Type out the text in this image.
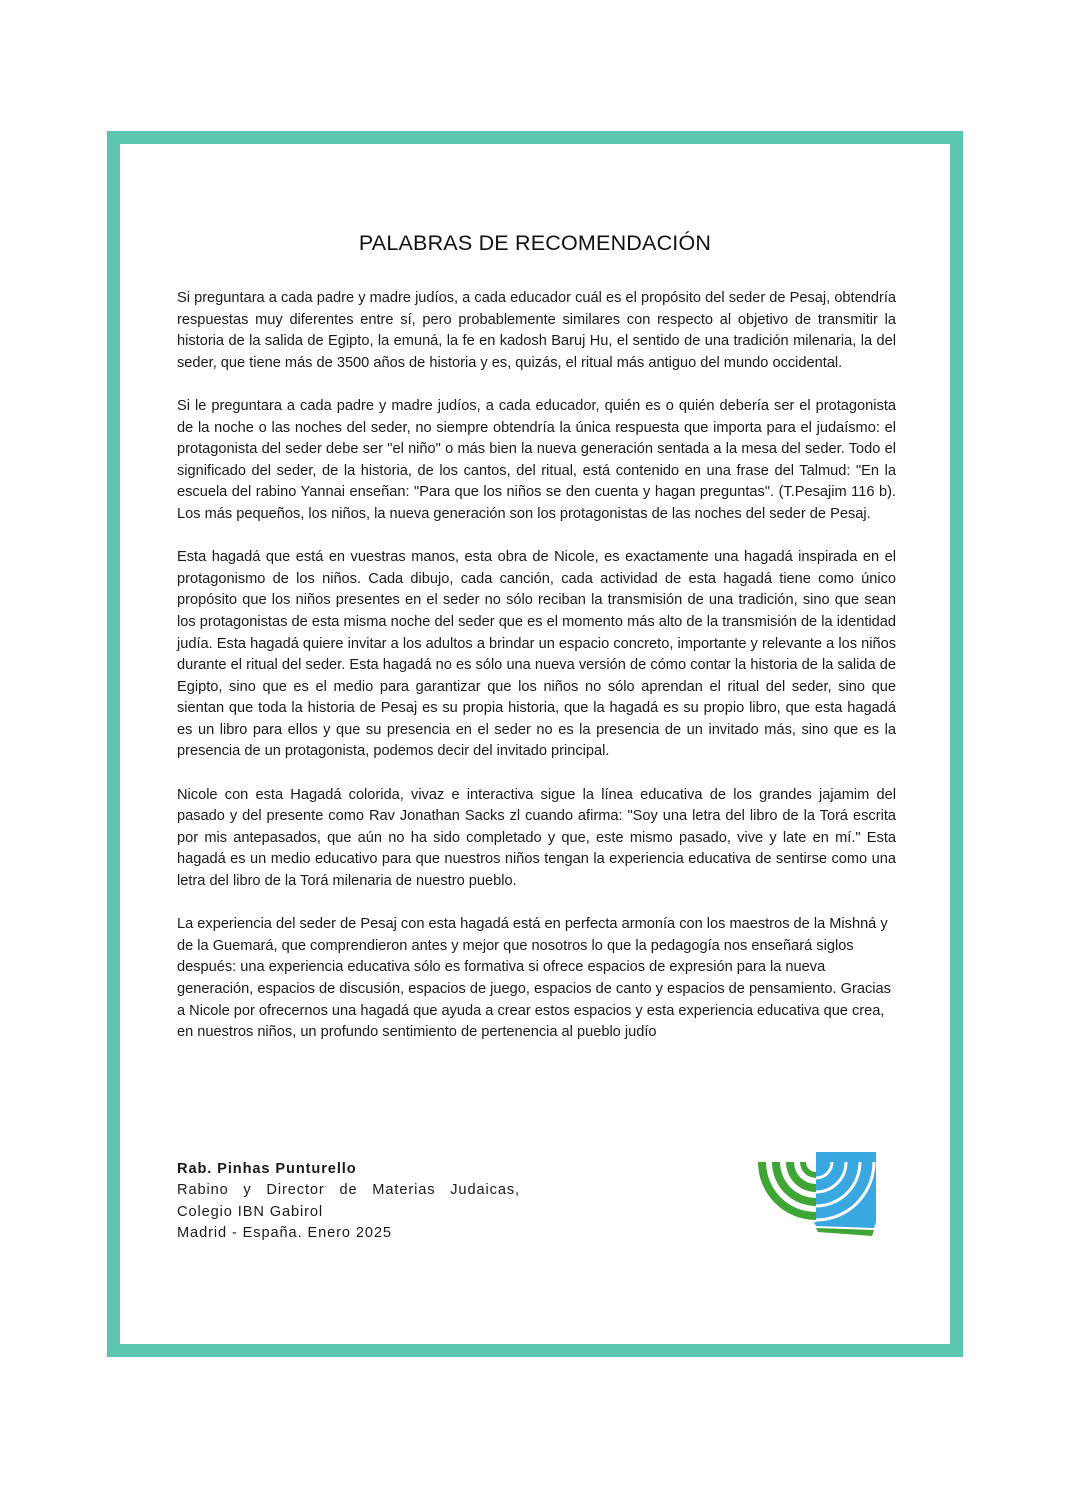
PALABRAS DE RECOMENDACIÓN

Si preguntara a cada padre y madre judíos, a cada educador cuál es el propósito del seder de Pesaj, obtendría respuestas muy diferentes entre sí, pero probablemente similares con respecto al objetivo de transmitir la historia de la salida de Egipto, la emuná, la fe en kadosh Baruj Hu, el sentido de una tradición milenaria, la del seder, que tiene más de 3500 años de historia y es, quizás, el ritual más antiguo del mundo occidental.

Si le preguntara a cada padre y madre judíos, a cada educador, quién es o quién debería ser el protagonista de la noche o las noches del seder, no siempre obtendría la única respuesta que importa para el judaísmo: el protagonista del seder debe ser "el niño" o más bien la nueva generación sentada a la mesa del seder. Todo el significado del seder, de la historia, de los cantos, del ritual, está contenido en una frase del Talmud: "En la escuela del rabino Yannai enseñan: "Para que los niños se den cuenta y hagan preguntas". (T.Pesajim 116 b). Los más pequeños, los niños, la nueva generación son los protagonistas de las noches del seder de Pesaj.

Esta hagadá que está en vuestras manos, esta obra de Nicole, es exactamente una hagadá inspirada en el protagonismo de los niños. Cada dibujo, cada canción, cada actividad de esta hagadá tiene como único propósito que los niños presentes en el seder no sólo reciban la transmisión de una tradición, sino que sean los protagonistas de esta misma noche del seder que es el momento más alto de la transmisión de la identidad judía. Esta hagadá quiere invitar a los adultos a brindar un espacio concreto, importante y relevante a los niños durante el ritual del seder. Esta hagadá no es sólo una nueva versión de cómo contar la historia de la salida de Egipto, sino que es el medio para garantizar que los niños no sólo aprendan el ritual del seder, sino que sientan que toda la historia de Pesaj es su propia historia, que la hagadá es su propio libro, que esta hagadá es un libro para ellos y que su presencia en el seder no es la presencia de un invitado más, sino que es la presencia de un protagonista, podemos decir del invitado principal.

Nicole con esta Hagadá colorida, vivaz e interactiva sigue la línea educativa de los grandes jajamim del pasado y del presente como Rav Jonathan Sacks zl cuando afirma: "Soy una letra del libro de la Torá escrita por mis antepasados, que aún no ha sido completado y que, este mismo pasado, vive y late en mí." Esta hagadá es un medio educativo para que nuestros niños tengan la experiencia educativa de sentirse como una letra del libro de la Torá milenaria de nuestro pueblo.

La experiencia del seder de Pesaj con esta hagadá está en perfecta armonía con los maestros de la Mishná y de la Guemará, que comprendieron antes y mejor que nosotros lo que la pedagogía nos enseñará siglos después: una experiencia educativa sólo es formativa si ofrece espacios de expresión para la nueva generación, espacios de discusión, espacios de juego, espacios de canto y espacios de pensamiento. Gracias a Nicole por ofrecernos una hagadá que ayuda a crear estos espacios y esta experiencia educativa que crea, en nuestros niños, un profundo sentimiento de pertenencia al pueblo judío

Rab. Pinhas Punturello
Rabino y Director de Materias Judaicas,
Colegio IBN Gabirol
Madrid - España. Enero 2025
